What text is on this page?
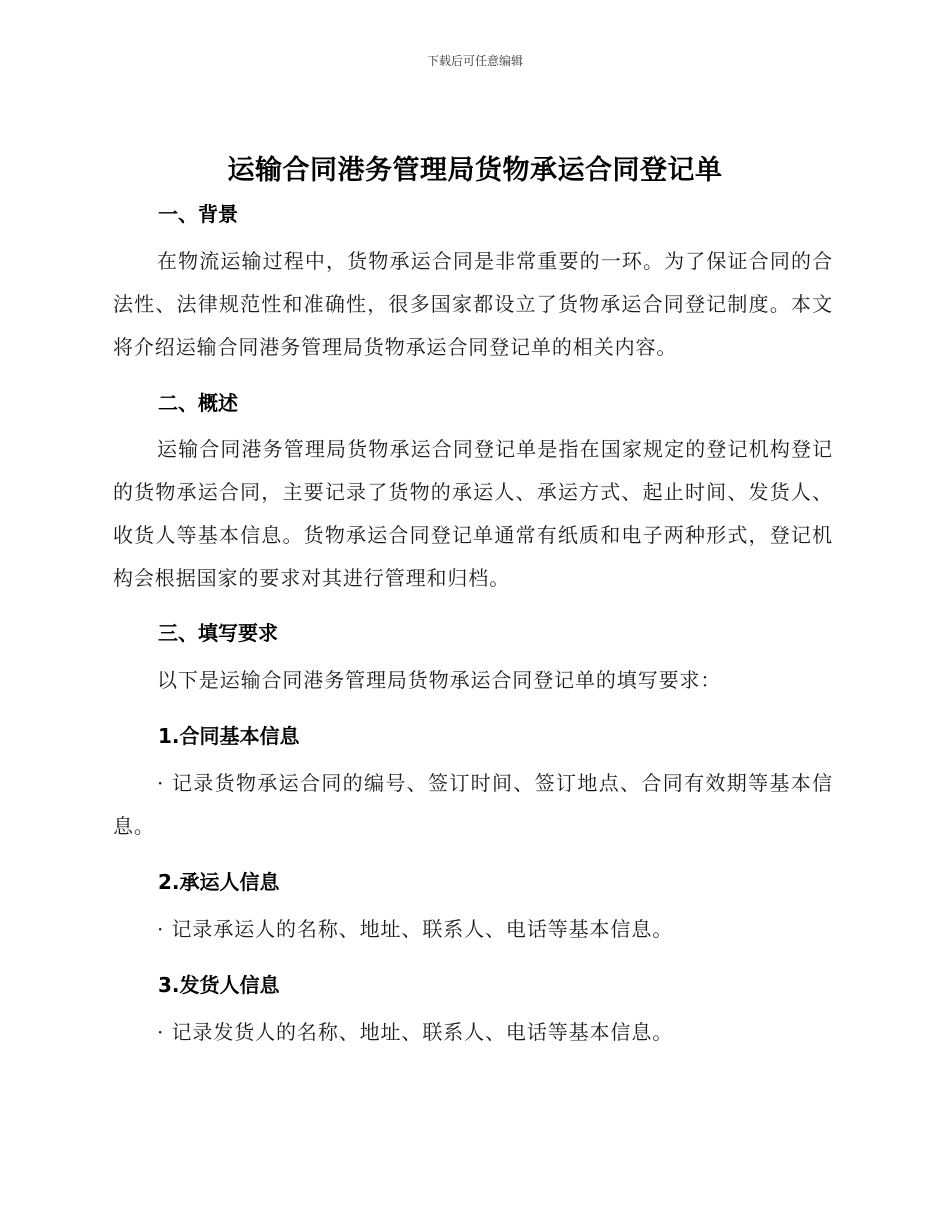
下载后可任意编辑
运输合同港务管理局货物承运合同登记单
一、背景
在物流运输过程中，货物承运合同是非常重要的一环。为了保证合同的合法性、法律规范性和准确性，很多国家都设立了货物承运合同登记制度。本文将介绍运输合同港务管理局货物承运合同登记单的相关内容。
二、概述
运输合同港务管理局货物承运合同登记单是指在国家规定的登记机构登记的货物承运合同，主要记录了货物的承运人、承运方式、起止时间、发货人、收货人等基本信息。货物承运合同登记单通常有纸质和电子两种形式，登记机构会根据国家的要求对其进行管理和归档。
三、填写要求
以下是运输合同港务管理局货物承运合同登记单的填写要求：
1.合同基本信息
· 记录货物承运合同的编号、签订时间、签订地点、合同有效期等基本信息。
2.承运人信息
· 记录承运人的名称、地址、联系人、电话等基本信息。
3.发货人信息
· 记录发货人的名称、地址、联系人、电话等基本信息。
